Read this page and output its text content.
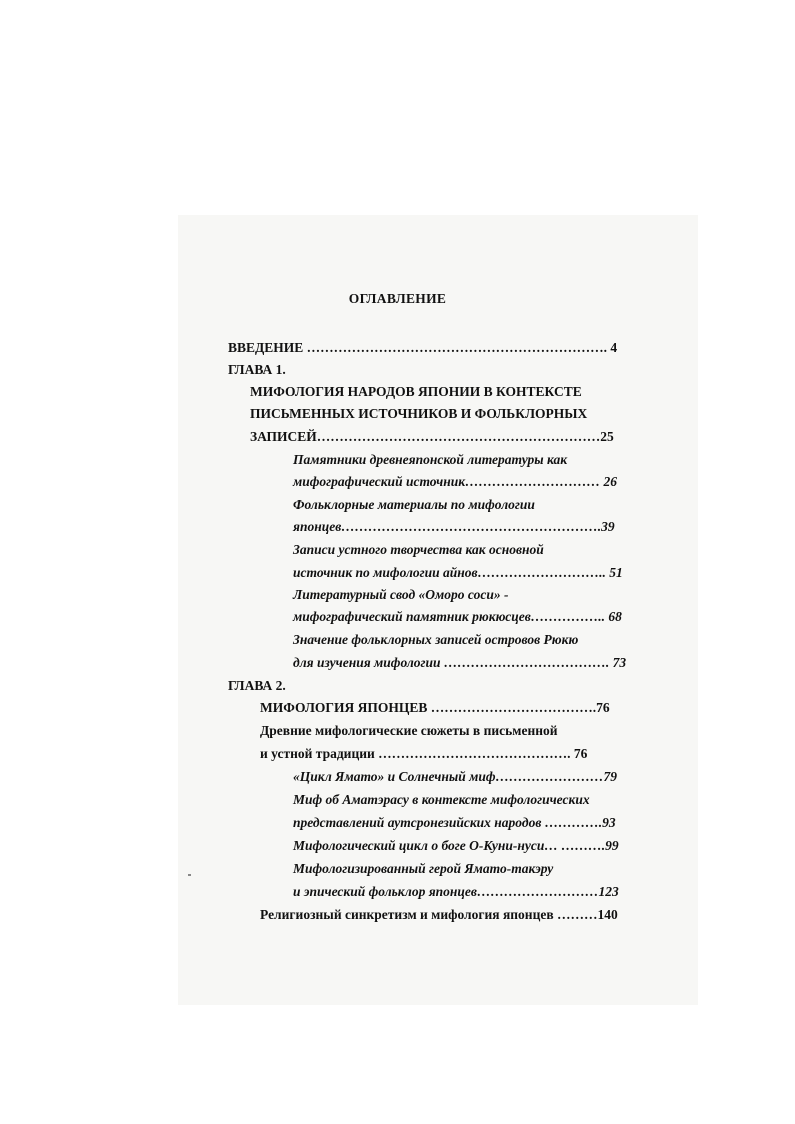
ОГЛАВЛЕНИЕ
ВВЕДЕНИЕ …………………………………………………………. 4
ГЛАВА 1.
МИФОЛОГИЯ НАРОДОВ ЯПОНИИ В КОНТЕКСТЕ
ПИСЬМЕННЫХ ИСТОЧНИКОВ И ФОЛЬКЛОРНЫХ
ЗАПИСЕЙ………………………………………………………25
Памятники древнеяпонской литературы как
мифографический источник………………………… 26
Фольклорные материалы по мифологии
японцев………………………………………………….39
Записи устного творчества как основной
источник по мифологии айнов……………………….. 51
Литературный свод «Оморо соси» -
мифографический памятник рюкюсцев…………….. 68
Значение фольклорных записей островов Рюкю
для изучения мифологии ………………………………. 73
ГЛАВА 2.
МИФОЛОГИЯ ЯПОНЦЕВ ……………………………….76
Древние мифологические сюжеты в письменной
и устной традиции ……………………………………. 76
«Цикл Ямато» и Солнечный миф……………………79
Миф об Аматэрасу в контексте мифологических
представлений аутсронезийских народов ………….93
Мифологический цикл о боге О-Куни-нуси… ……….99
Мифологизированный герой Ямато-такэру
и эпический фольклор японцев………………………123
Религиозный синкретизм и мифология японцев ………140
